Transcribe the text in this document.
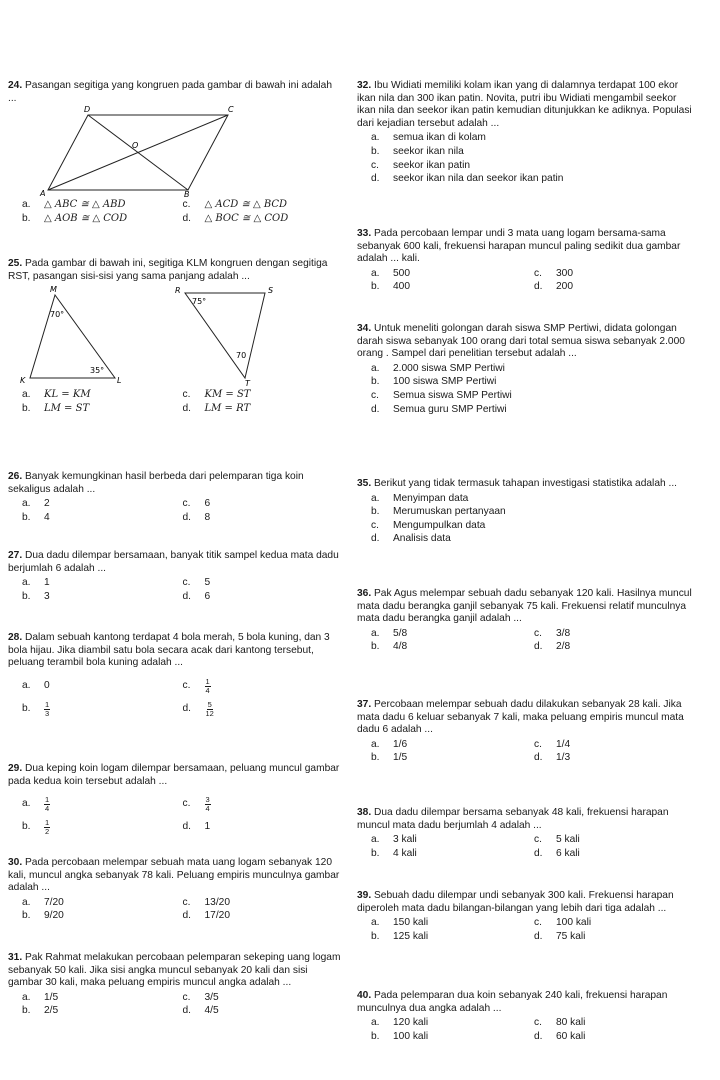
24. Pasangan segitiga yang kongruen pada gambar di bawah ini adalah ...
D	C
O
A	B
a.	△ ABC ≅ △ ABD	c.	△ ACD ≅ △ BCD
b.	△ AOB ≅ △ COD	d.	△ BOC ≅ △ COD
25. Pada gambar di bawah ini, segitiga KLM kongruen dengan segitiga RST, pasangan sisi-sisi yang sama panjang adalah ...
M
K	L
70°
35°
R	S
T
75°
70
a.	KL = KM	c.	KM = ST
b.	LM = ST	d.	LM = RT
26. Banyak kemungkinan hasil berbeda dari pelemparan tiga koin sekaligus adalah ...
a.	2	c.	6
b.	4	d.	8
27. Dua dadu dilempar bersamaan, banyak titik sampel kedua mata dadu berjumlah 6 adalah ...
a.	1	c.	5
b.	3	d.	6
28. Dalam sebuah kantong terdapat 4 bola merah, 5 bola kuning, dan 3 bola hijau. Jika diambil satu bola secara acak dari kantong tersebut, peluang terambil bola kuning adalah ...
a.	0	c.	$\frac{1}{4}$
b.	$\frac{1}{3}$	d.	$\frac{5}{12}$
29. Dua keping koin logam dilempar bersamaan, peluang muncul gambar pada kedua koin tersebut adalah ...
a.	$\frac{1}{4}$	c.	$\frac{3}{4}$
b.	$\frac{1}{2}$	d.	1
30. Pada percobaan melempar sebuah mata uang logam sebanyak 120 kali, muncul angka sebanyak 78 kali. Peluang empiris munculnya gambar adalah ...
a.	7/20	c.	13/20
b.	9/20	d.	17/20
31. Pak Rahmat melakukan percobaan pelemparan sekeping uang logam sebanyak 50 kali. Jika sisi angka muncul sebanyak 20 kali dan sisi gambar 30 kali, maka peluang empiris muncul angka adalah ...
a.	1/5	c.	3/5
b.	2/5	d.	4/5
32. Ibu Widiati memiliki kolam ikan yang di dalamnya terdapat 100 ekor ikan nila dan 300 ikan patin. Novita, putri ibu Widiati mengambil seekor ikan nila dan seekor ikan patin kemudian ditunjukkan ke adiknya. Populasi dari kejadian tersebut adalah ...
a.	semua ikan di kolam
b.	seekor ikan nila
c.	seekor ikan patin
d.	seekor ikan nila dan seekor ikan patin
33. Pada percobaan lempar undi 3 mata uang logam bersama-sama sebanyak 600 kali, frekuensi harapan muncul paling sedikit dua gambar adalah ... kali.
a.	500	c.	300
b.	400	d.	200
34. Untuk meneliti golongan darah siswa SMP Pertiwi, didata golongan darah siswa sebanyak 100 orang dari total semua siswa sebanyak 2.000 orang . Sampel dari penelitian tersebut adalah ...
a.	2.000 siswa SMP Pertiwi
b.	100 siswa SMP Pertiwi
c.	Semua siswa SMP Pertiwi
d.	Semua guru SMP Pertiwi
35. Berikut yang tidak termasuk tahapan investigasi statistika adalah ...
a.	Menyimpan data
b.	Merumuskan pertanyaan
c.	Mengumpulkan data
d.	Analisis data
36. Pak Agus melempar sebuah dadu sebanyak 120 kali. Hasilnya muncul mata dadu berangka ganjil sebanyak 75 kali. Frekuensi relatif munculnya mata dadu berangka ganjil adalah ...
a.	5/8	c.	3/8
b.	4/8	d.	2/8
37. Percobaan melempar sebuah dadu dilakukan sebanyak 28 kali. Jika mata dadu 6 keluar sebanyak 7 kali, maka peluang empiris muncul mata dadu 6 adalah ...
a.	1/6	c.	1/4
b.	1/5	d.	1/3
38. Dua dadu dilempar bersama sebanyak 48 kali, frekuensi harapan muncul mata dadu berjumlah 4 adalah ...
a.	3 kali	c.	5 kali
b.	4 kali	d.	6 kali
39. Sebuah dadu dilempar undi sebanyak 300 kali. Frekuensi harapan diperoleh mata dadu bilangan-bilangan yang lebih dari tiga adalah ...
a.	150 kali	c.	100 kali
b.	125 kali	d.	75 kali
40. Pada pelemparan dua koin sebanyak 240 kali, frekuensi harapan munculnya dua angka adalah ...
a.	120 kali	c.	80 kali
b.	100 kali	d.	60 kali
